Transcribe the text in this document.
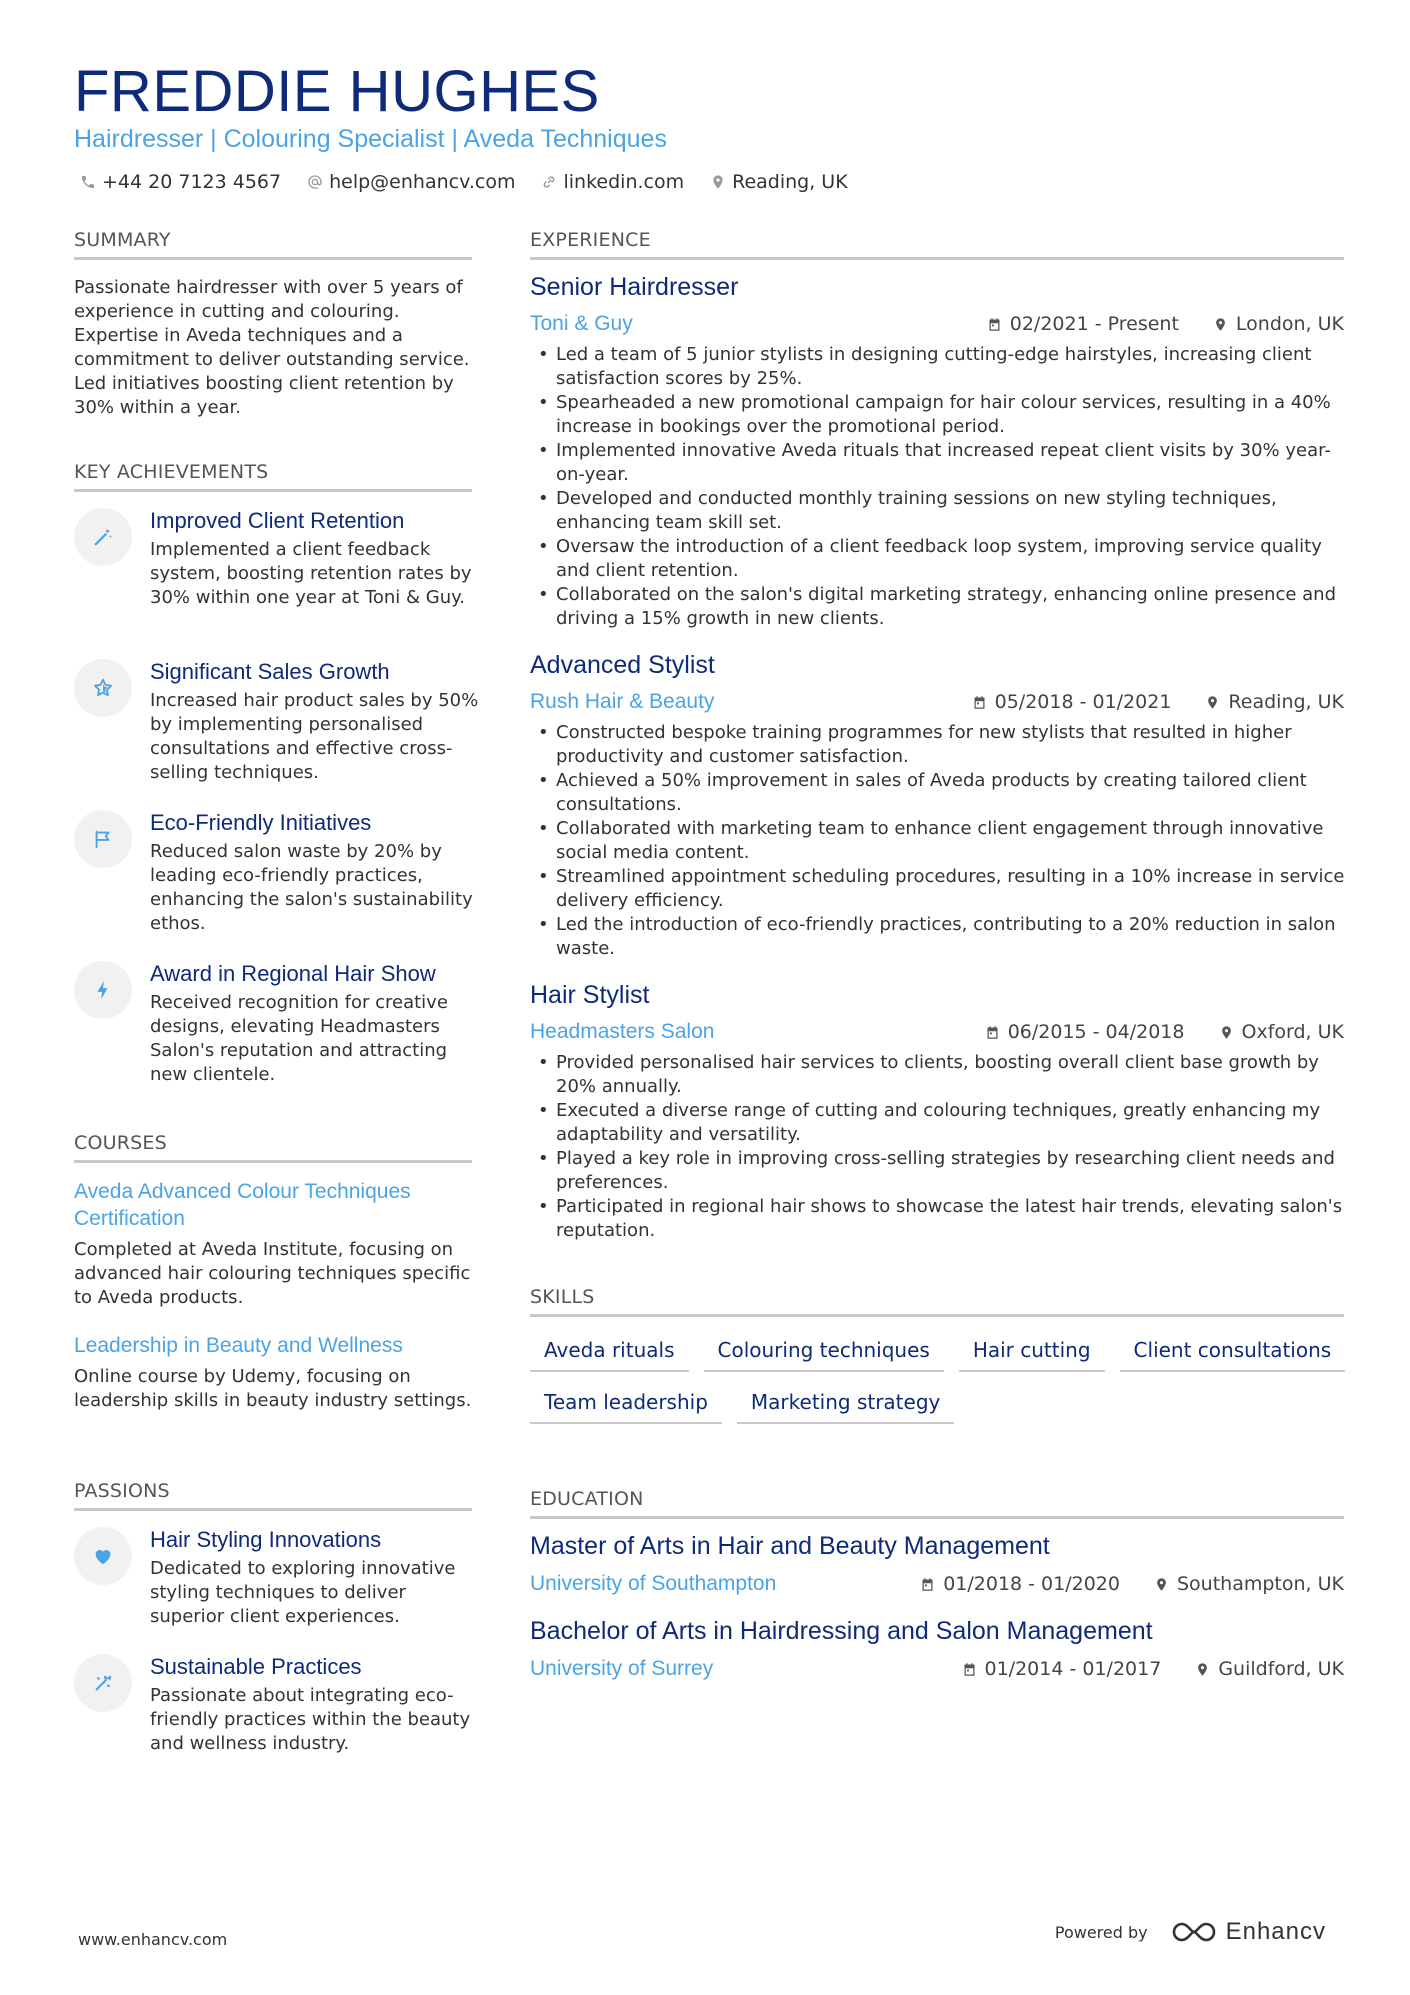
FREDDIE HUGHES
Hairdresser | Colouring Specialist | Aveda Techniques
+44 20 7123 4567	help@enhancv.com	linkedin.com	Reading, UK
SUMMARY
Passionate hairdresser with over 5 years of experience in cutting and colouring. Expertise in Aveda techniques and a commitment to deliver outstanding service. Led initiatives boosting client retention by 30% within a year.
KEY ACHIEVEMENTS
Improved Client Retention
Implemented a client feedback system, boosting retention rates by 30% within one year at Toni & Guy.
Significant Sales Growth
Increased hair product sales by 50% by implementing personalised consultations and effective cross-selling techniques.
Eco-Friendly Initiatives
Reduced salon waste by 20% by leading eco-friendly practices, enhancing the salon's sustainability ethos.
Award in Regional Hair Show
Received recognition for creative designs, elevating Headmasters Salon's reputation and attracting new clientele.
COURSES
Aveda Advanced Colour Techniques Certification
Completed at Aveda Institute, focusing on advanced hair colouring techniques specific to Aveda products.
Leadership in Beauty and Wellness
Online course by Udemy, focusing on leadership skills in beauty industry settings.
PASSIONS
Hair Styling Innovations
Dedicated to exploring innovative styling techniques to deliver superior client experiences.
Sustainable Practices
Passionate about integrating eco-friendly practices within the beauty and wellness industry.
EXPERIENCE
Senior Hairdresser
Toni & Guy	02/2021 - Present	London, UK
• Led a team of 5 junior stylists in designing cutting-edge hairstyles, increasing client satisfaction scores by 25%.
• Spearheaded a new promotional campaign for hair colour services, resulting in a 40% increase in bookings over the promotional period.
• Implemented innovative Aveda rituals that increased repeat client visits by 30% year-on-year.
• Developed and conducted monthly training sessions on new styling techniques, enhancing team skill set.
• Oversaw the introduction of a client feedback loop system, improving service quality and client retention.
• Collaborated on the salon's digital marketing strategy, enhancing online presence and driving a 15% growth in new clients.
Advanced Stylist
Rush Hair & Beauty	05/2018 - 01/2021	Reading, UK
• Constructed bespoke training programmes for new stylists that resulted in higher productivity and customer satisfaction.
• Achieved a 50% improvement in sales of Aveda products by creating tailored client consultations.
• Collaborated with marketing team to enhance client engagement through innovative social media content.
• Streamlined appointment scheduling procedures, resulting in a 10% increase in service delivery efficiency.
• Led the introduction of eco-friendly practices, contributing to a 20% reduction in salon waste.
Hair Stylist
Headmasters Salon	06/2015 - 04/2018	Oxford, UK
• Provided personalised hair services to clients, boosting overall client base growth by 20% annually.
• Executed a diverse range of cutting and colouring techniques, greatly enhancing my adaptability and versatility.
• Played a key role in improving cross-selling strategies by researching client needs and preferences.
• Participated in regional hair shows to showcase the latest hair trends, elevating salon's reputation.
SKILLS
Aveda rituals	Colouring techniques	Hair cutting	Client consultations
Team leadership	Marketing strategy
EDUCATION
Master of Arts in Hair and Beauty Management
University of Southampton	01/2018 - 01/2020	Southampton, UK
Bachelor of Arts in Hairdressing and Salon Management
University of Surrey	01/2014 - 01/2017	Guildford, UK
www.enhancv.com	Powered by	Enhancv
